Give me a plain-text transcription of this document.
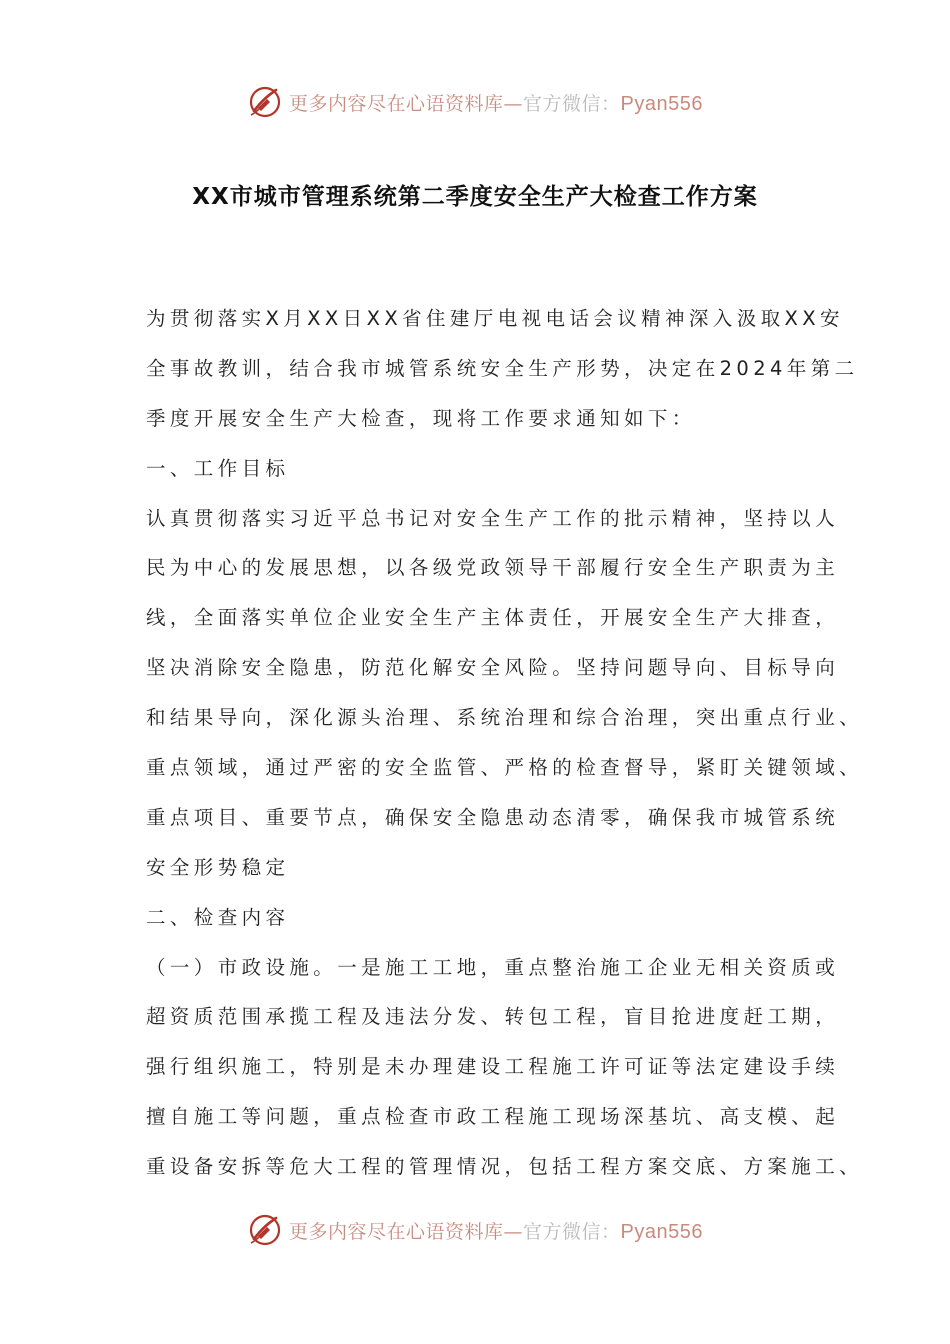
更多内容尽在心语资料库—官方微信：Pyan556
XX市城市管理系统第二季度安全生产大检查工作方案
为贯彻落实X月XX日XX省住建厅电视电话会议精神深入汲取XX安
全事故教训，结合我市城管系统安全生产形势，决定在2024年第二
季度开展安全生产大检查，现将工作要求通知如下：
一、工作目标
认真贯彻落实习近平总书记对安全生产工作的批示精神，坚持以人
民为中心的发展思想，以各级党政领导干部履行安全生产职责为主
线，全面落实单位企业安全生产主体责任，开展安全生产大排查，
坚决消除安全隐患，防范化解安全风险。坚持问题导向、目标导向
和结果导向，深化源头治理、系统治理和综合治理，突出重点行业、
重点领域，通过严密的安全监管、严格的检查督导，紧盯关键领域、
重点项目、重要节点，确保安全隐患动态清零，确保我市城管系统
安全形势稳定
二、检查内容
（一）市政设施。一是施工工地，重点整治施工企业无相关资质或
超资质范围承揽工程及违法分发、转包工程，盲目抢进度赶工期，
强行组织施工，特别是未办理建设工程施工许可证等法定建设手续
擅自施工等问题，重点检查市政工程施工现场深基坑、高支模、起
重设备安拆等危大工程的管理情况，包括工程方案交底、方案施工、
更多内容尽在心语资料库—官方微信：Pyan556
